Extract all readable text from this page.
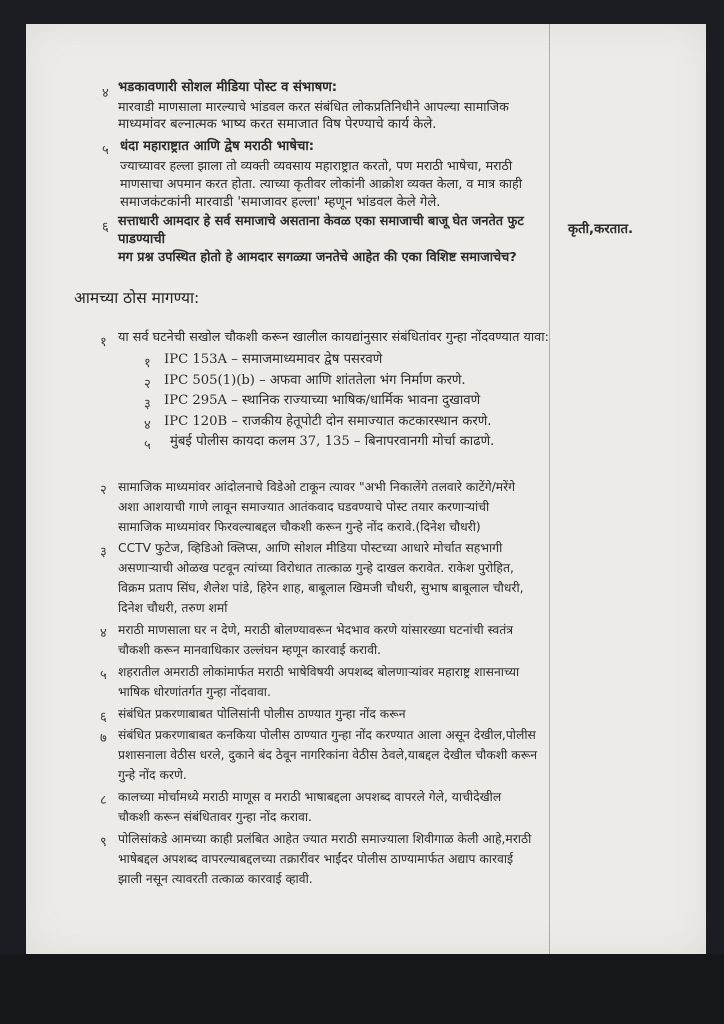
४ भडकावणारी सोशल मीडिया पोस्ट व संभाषण:
मारवाडी माणसाला मारल्याचे भांडवल करत संबंधित लोकप्रतिनिधीने आपल्या सामाजिक
माध्यमांवर बल्नात्मक भाष्य करत समाजात विष पेरण्याचे कार्य केले.
५ धंदा महाराष्ट्रात आणि द्वेष मराठी भाषेचा:
ज्याच्यावर हल्ला झाला तो व्यक्ती व्यवसाय महाराष्ट्रात करतो, पण मराठी भाषेचा, मराठी
माणसाचा अपमान करत होता. त्याच्या कृतीवर लोकांनी आक्रोश व्यक्त केला, व मात्र काही
समाजकंटकांनी मारवाडी 'समाजावर हल्ला' म्हणून भांडवल केले गेले.
६ सत्ताधारी आमदार हे सर्व समाजाचे असताना केवळ एका समाजाची बाजू घेत जनतेत फुट
पाडण्याची
कृती,करतात.
मग प्रश्न उपस्थित होतो हे आमदार सगळ्या जनतेचे आहेत की एका विशिष्ट समाजाचेच?
आमच्या ठोस मागण्या:
१ या सर्व घटनेची सखोल चौकशी करून खालील कायद्यांनुसार संबंधितांवर गुन्हा नोंदवण्यात यावा:
१ IPC 153A – समाजमाध्यमावर द्वेष पसरवणे
२ IPC 505(1)(b) – अफवा आणि शांततेला भंग निर्माण करणे.
३ IPC 295A – स्थानिक राज्याच्या भाषिक/धार्मिक भावना दुखावणे
४ IPC 120B – राजकीय हेतूपोटी दोन समाज्यात कटकारस्थान करणे.
५ मुंबई पोलीस कायदा कलम 37, 135 – बिनापरवानगी मोर्चा काढणे.
२ सामाजिक माध्यमांवर आंदोलनाचे विडेओ टाकून त्यावर "अभी निकालेंगे तलवारे काटेंगे/मरेंगे
अशा आशयाची गाणे लावून समाज्यात आतंकवाद घडवण्याचे पोस्ट तयार करणाऱ्यांची
सामाजिक माध्यमांवर फिरवल्याबद्दल चौकशी करून गुन्हे नोंद करावे.(दिनेश चौधरी)
३ CCTV फुटेज, व्हिडिओ क्लिप्स, आणि सोशल मीडिया पोस्टच्या आधारे मोर्चात सहभागी
असणाऱ्याची ओळख पटवून त्यांच्या विरोधात तात्काळ गुन्हे दाखल करावेत. राकेश पुरोहित,
विक्रम प्रताप सिंघ, शैलेश पांडे, हिरेन शाह, बाबूलाल खिमजी चौधरी, सुभाष बाबूलाल चौधरी,
दिनेश चौधरी, तरुण शर्मा
४ मराठी माणसाला घर न देणे, मराठी बोलण्यावरून भेदभाव करणे यांसारख्या घटनांची स्वतंत्र
चौकशी करून मानवाधिकार उल्लंघन म्हणून कारवाई करावी.
५ शहरातील अमराठी लोकांमार्फत मराठी भाषेविषयी अपशब्द बोलणाऱ्यांवर महाराष्ट्र शासनाच्या
भाषिक धोरणांतर्गत गुन्हा नोंदवावा.
६ संबंधित प्रकरणाबाबत पोलिसांनी पोलीस ठाण्यात गुन्हा नोंद करून
७ संबंधित प्रकरणाबाबत कनकिया पोलीस ठाण्यात गुन्हा नोंद करण्यात आला असून देखील,पोलीस
प्रशासनाला वेठीस धरले, दुकाने बंद ठेवून नागरिकांना वेठीस ठेवले,याबद्दल देखील चौकशी करून
गुन्हे नोंद करणे.
८ कालच्या मोर्चामध्ये मराठी माणूस व मराठी भाषाबद्दला अपशब्द वापरले गेले, याचीदेखील
चौकशी करून संबंधितावर गुन्हा नोंद करावा.
९ पोलिसांकडे आमच्या काही प्रलंबित आहेत ज्यात मराठी समाज्याला शिवीगाळ केली आहे,मराठी
भाषेबद्दल अपशब्द वापरल्याबद्दलच्या तक्रारींवर भाईंदर पोलीस ठाण्यामार्फत अद्याप कारवाई
झाली नसून त्यावरती तत्काळ कारवाई व्हावी.
